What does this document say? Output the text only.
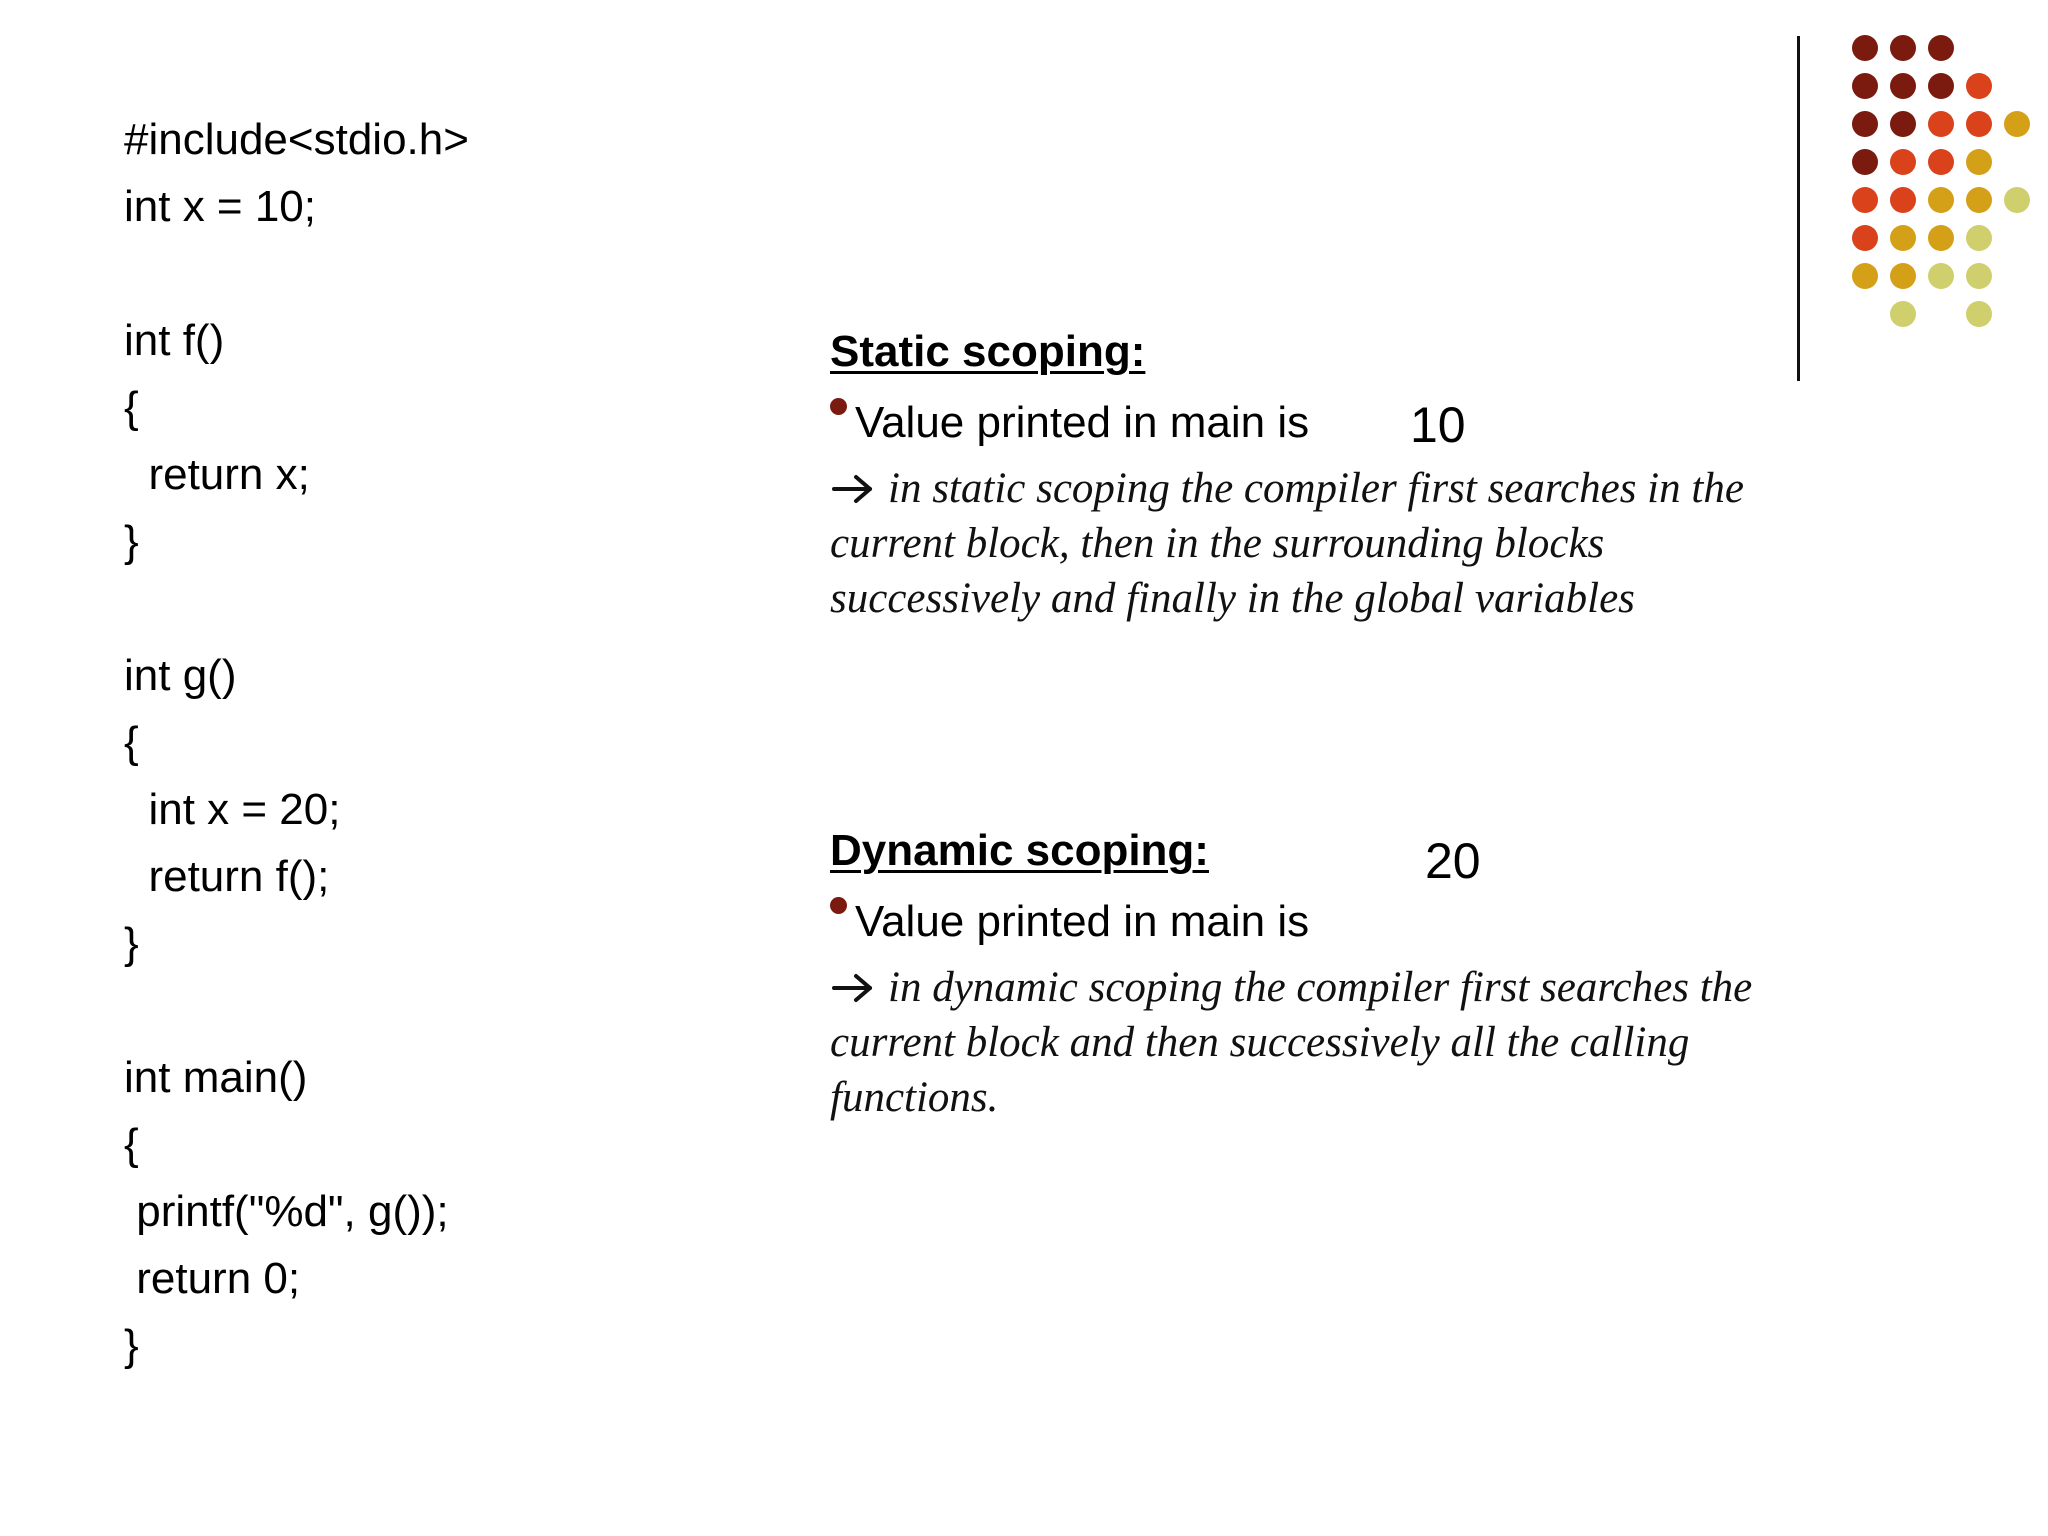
#include<stdio.h>
int x = 10;
int f()
{
return x;
}
int g()
{
int x = 20;
return f();
}
int main()
{
printf("%d", g());
return 0;
}
Static scoping:
Value printed in main is 10
in static scoping the compiler first searches in the current block, then in the surrounding blocks successively and finally in the global variables
Dynamic scoping:	20
Value printed in main is
in dynamic scoping the compiler first searches the current block and then successively all the calling functions.
